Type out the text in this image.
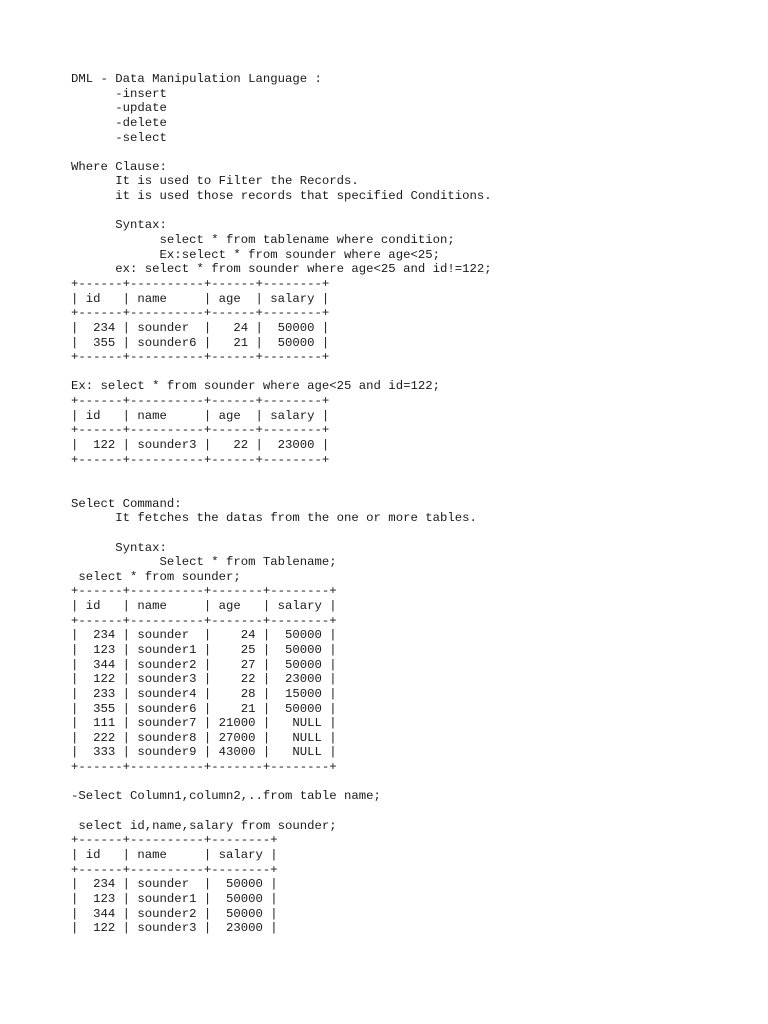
DML - Data Manipulation Language :
-insert
-update
-delete
-select
Where Clause:
It is used to Filter the Records.
it is used those records that specified Conditions.
Syntax:
select * from tablename where condition;
Ex:select * from sounder where age<25;
ex: select * from sounder where age<25 and id!=122;
+------+----------+------+--------+
| id   | name     | age  | salary |
+------+----------+------+--------+
|  234 | sounder  |   24 |  50000 |
|  355 | sounder6 |   21 |  50000 |
+------+----------+------+--------+
Ex: select * from sounder where age<25 and id=122;
+------+----------+------+--------+
| id   | name     | age  | salary |
+------+----------+------+--------+
|  122 | sounder3 |   22 |  23000 |
+------+----------+------+--------+
Select Command:
It fetches the datas from the one or more tables.
Syntax:
Select * from Tablename;
select * from sounder;
+------+----------+-------+--------+
| id   | name     | age   | salary |
+------+----------+-------+--------+
|  234 | sounder  |    24 |  50000 |
|  123 | sounder1 |    25 |  50000 |
|  344 | sounder2 |    27 |  50000 |
|  122 | sounder3 |    22 |  23000 |
|  233 | sounder4 |    28 |  15000 |
|  355 | sounder6 |    21 |  50000 |
|  111 | sounder7 | 21000 |   NULL |
|  222 | sounder8 | 27000 |   NULL |
|  333 | sounder9 | 43000 |   NULL |
+------+----------+-------+--------+
-Select Column1,column2,..from table name;
select id,name,salary from sounder;
+------+----------+--------+
| id   | name     | salary |
+------+----------+--------+
|  234 | sounder  |  50000 |
|  123 | sounder1 |  50000 |
|  344 | sounder2 |  50000 |
|  122 | sounder3 |  23000 |
